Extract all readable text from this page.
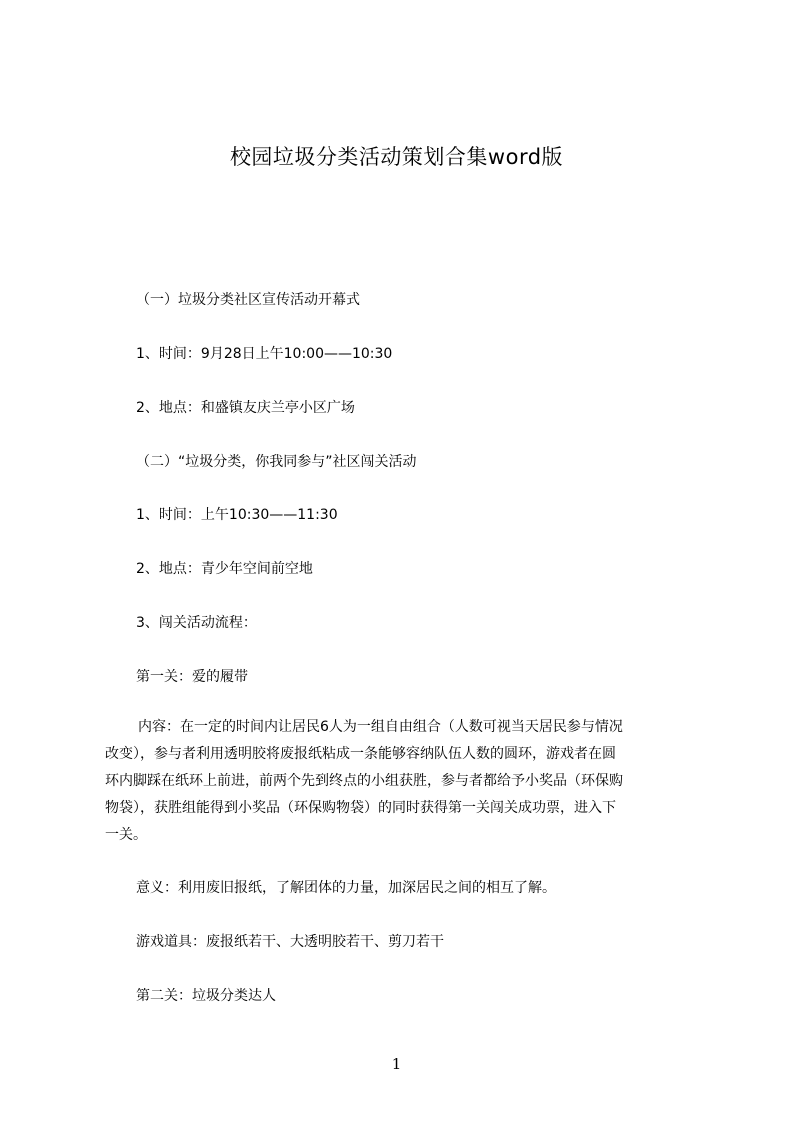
校园垃圾分类活动策划合集word版
（一）垃圾分类社区宣传活动开幕式
1、时间：9月28日上午10:00——10:30
2、地点：和盛镇友庆兰亭小区广场
（二）“垃圾分类，你我同参与”社区闯关活动
1、时间：上午10:30——11:30
2、地点：青少年空间前空地
3、闯关活动流程：
第一关：爱的履带
内容：在一定的时间内让居民6人为一组自由组合（人数可视当天居民参与情况
改变），参与者利用透明胶将废报纸粘成一条能够容纳队伍人数的圆环，游戏者在圆
环内脚踩在纸环上前进，前两个先到终点的小组获胜，参与者都给予小奖品（环保购
物袋），获胜组能得到小奖品（环保购物袋）的同时获得第一关闯关成功票，进入下
一关。
意义：利用废旧报纸，了解团体的力量，加深居民之间的相互了解。
游戏道具：废报纸若干、大透明胶若干、剪刀若干
第二关：垃圾分类达人
1
